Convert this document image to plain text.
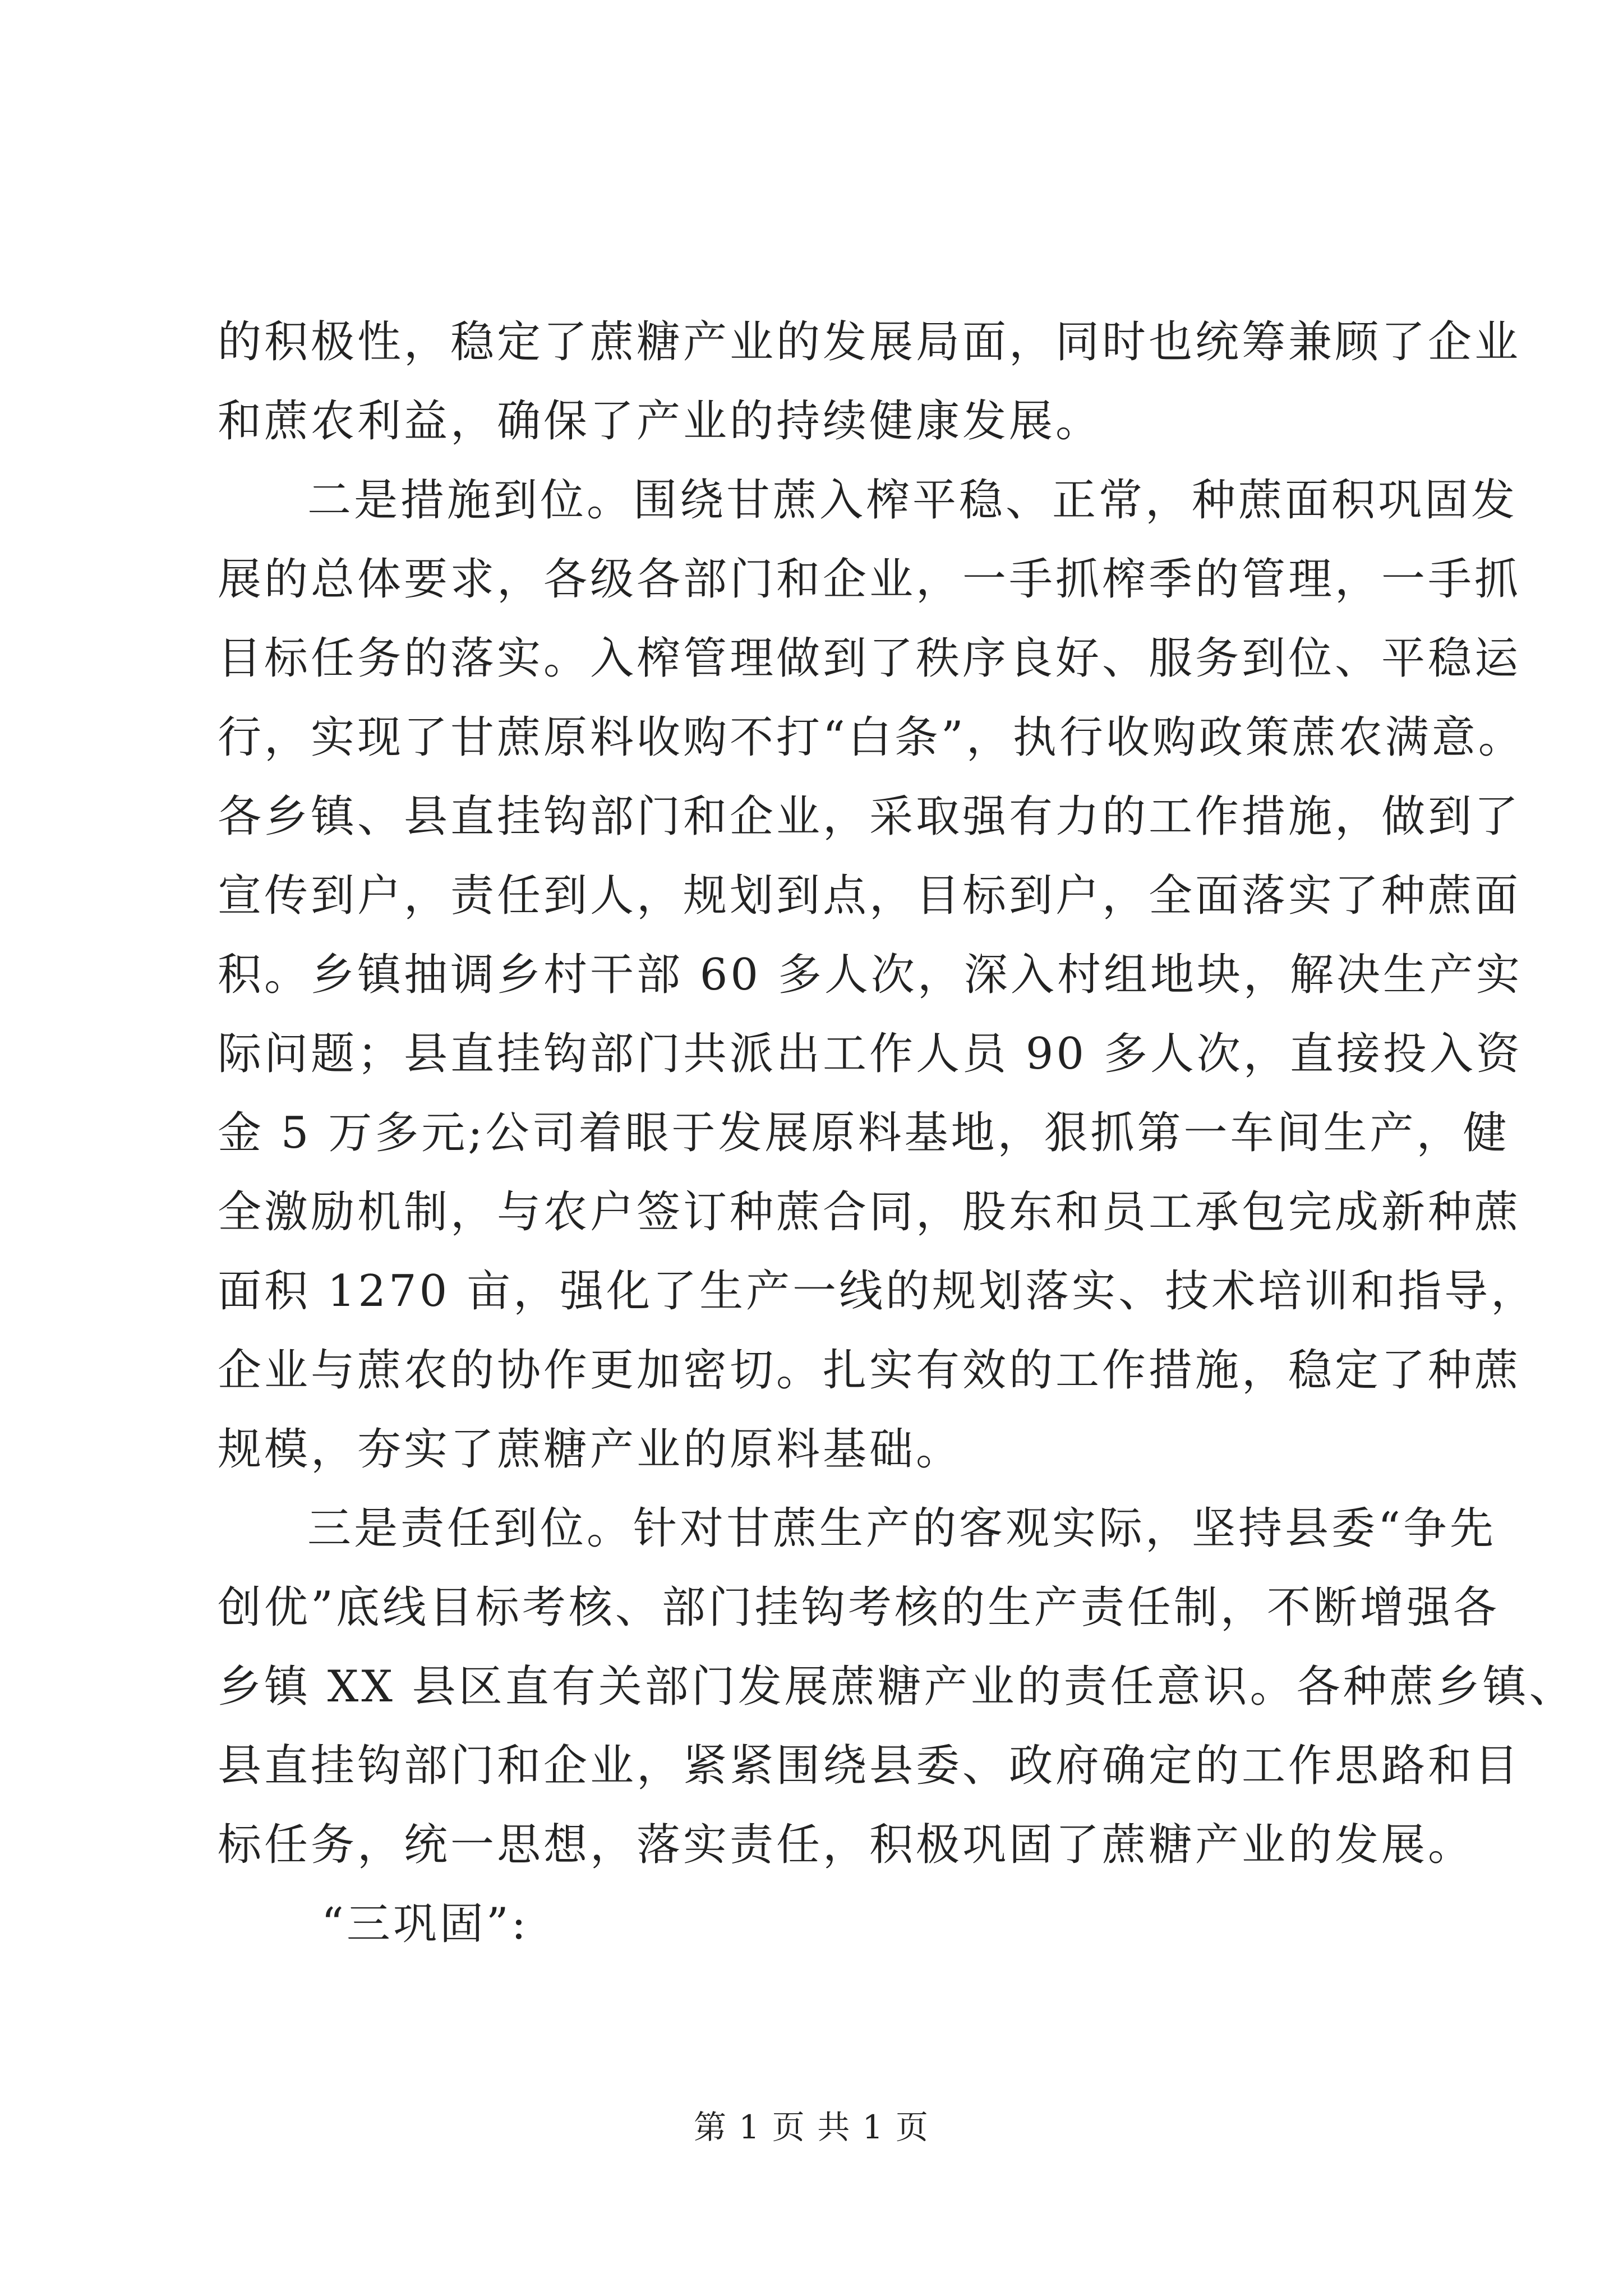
的积极性，稳定了蔗糖产业的发展局面，同时也统筹兼顾了企业
和蔗农利益，确保了产业的持续健康发展。
二是措施到位。围绕甘蔗入榨平稳、正常，种蔗面积巩固发
展的总体要求，各级各部门和企业，一手抓榨季的管理，一手抓
目标任务的落实。入榨管理做到了秩序良好、服务到位、平稳运
行，实现了甘蔗原料收购不打“白条”，执行收购政策蔗农满意。
各乡镇、县直挂钩部门和企业，采取强有力的工作措施，做到了
宣传到户，责任到人，规划到点，目标到户，全面落实了种蔗面
积。乡镇抽调乡村干部 60 多人次，深入村组地块，解决生产实
际问题；县直挂钩部门共派出工作人员 90 多人次，直接投入资
金 5 万多元;公司着眼于发展原料基地，狠抓第一车间生产，健
全激励机制，与农户签订种蔗合同，股东和员工承包完成新种蔗
面积 1270 亩，强化了生产一线的规划落实、技术培训和指导，
企业与蔗农的协作更加密切。扎实有效的工作措施，稳定了种蔗
规模，夯实了蔗糖产业的原料基础。
三是责任到位。针对甘蔗生产的客观实际，坚持县委“争先
创优”底线目标考核、部门挂钩考核的生产责任制，不断增强各
乡镇 XX 县区直有关部门发展蔗糖产业的责任意识。各种蔗乡镇、
县直挂钩部门和企业，紧紧围绕县委、政府确定的工作思路和目
标任务，统一思想，落实责任，积极巩固了蔗糖产业的发展。
“三巩固”:
第 1 页 共 1 页
